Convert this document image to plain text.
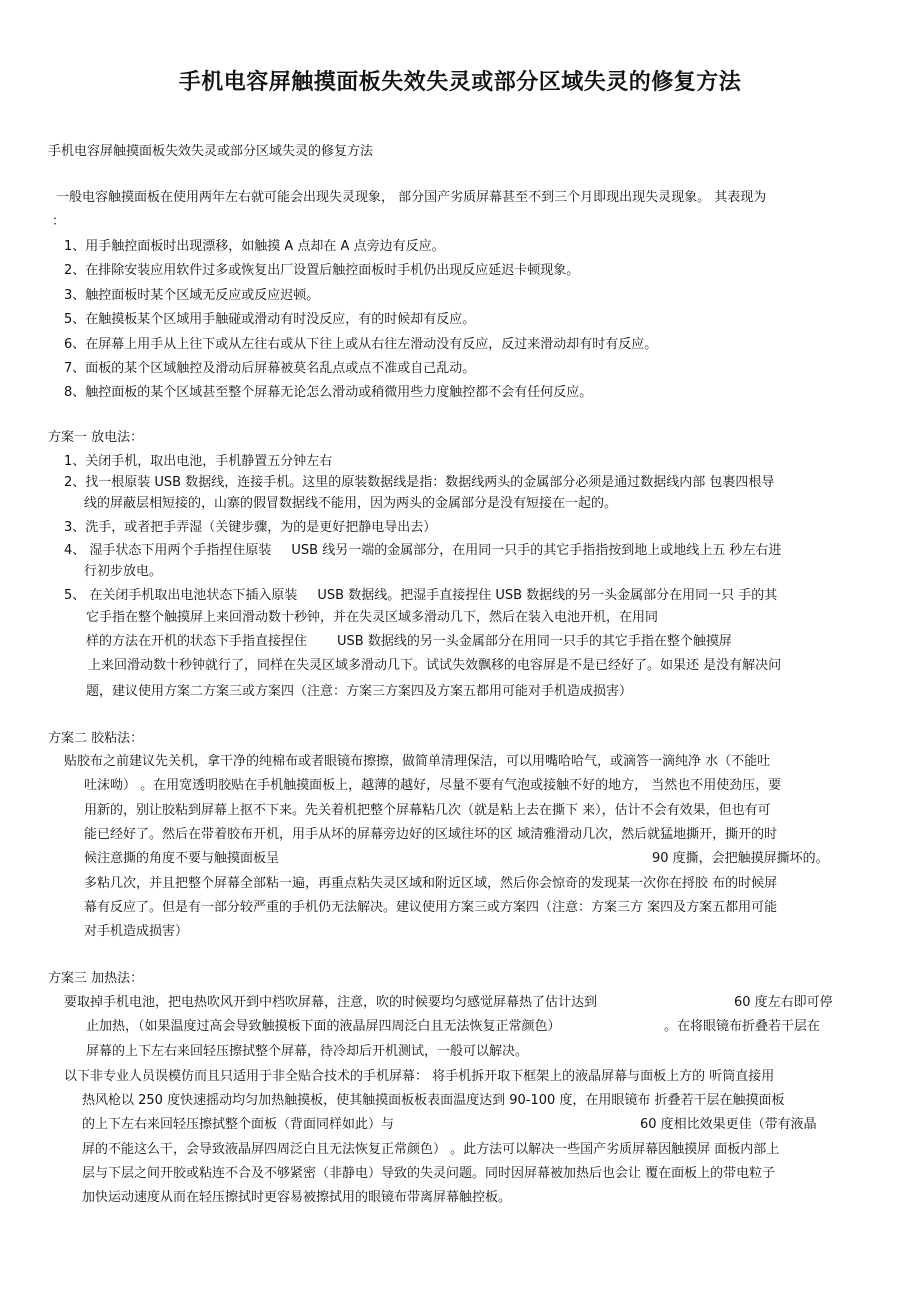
手机电容屏触摸面板失效失灵或部分区域失灵的修复方法
手机电容屏触摸面板失效失灵或部分区域失灵的修复方法
一般电容触摸面板在使用两年左右就可能会出现失灵现象， 部分国产劣质屏幕甚至不到三个月即现出现失灵现象。 其表现为
：
1、用手触控面板时出现漂移，如触摸 A 点却在 A 点旁边有反应。
2、在排除安装应用软件过多或恢复出厂设置后触控面板时手机仍出现反应延迟卡顿现象。
3、触控面板时某个区域无反应或反应迟顿。
5、在触摸板某个区域用手触碰或滑动有时没反应，有的时候却有反应。
6、在屏幕上用手从上往下或从左往右或从下往上或从右往左滑动没有反应，反过来滑动却有时有反应。
7、面板的某个区域触控及滑动后屏幕被莫名乱点或点不准或自己乱动。
8、触控面板的某个区域甚至整个屏幕无论怎么滑动或稍微用些力度触控都不会有任何反应。
方案一 放电法：
1、关闭手机，取出电池，手机静置五分钟左右
2、找一根原装 USB 数据线，连接手机。这里的原装数据线是指：数据线两头的金属部分必须是通过数据线内部 包裹四根导
线的屏蔽层相短接的，山寨的假冒数据线不能用，因为两头的金属部分是没有短接在一起的。
3、洗手，或者把手弄湿（关键步骤，为的是更好把静电导出去）
4、 湿手状态下用两个手指捏住原装 USB 线另一端的金属部分，在用同一只手的其它手指指按到地上或地线上五 秒左右进
行初步放电。
5、 在关闭手机取出电池状态下插入原装 USB 数据线。把湿手直接捏住 USB 数据线的另一头金属部分在用同一只 手的其
它手指在整个触摸屏上来回滑动数十秒钟，并在失灵区域多滑动几下，然后在装入电池开机，在用同
样的方法在开机的状态下手指直接捏住 USB 数据线的另一头金属部分在用同一只手的其它手指在整个触摸屏
上来回滑动数十秒钟就行了，同样在失灵区域多滑动几下。试试失效飘移的电容屏是不是已经好了。如果还 是没有解决问
题，建议使用方案二方案三或方案四（注意：方案三方案四及方案五都用可能对手机造成损害）
方案二 胶粘法：
贴胶布之前建议先关机，拿干净的纯棉布或者眼镜布擦擦，做简单清理保洁，可以用嘴哈哈气，或滴答一滴纯净 水（不能吐
吐沫呦） 。在用宽透明胶贴在手机触摸面板上，越薄的越好，尽量不要有气泡或接触不好的地方， 当然也不用使劲压，要
用新的，别让胶粘到屏幕上抠不下来。先关着机把整个屏幕粘几次（就是粘上去在撕下 来），估计不会有效果，但也有可
能已经好了。然后在带着胶布开机，用手从坏的屏幕旁边好的区域往坏的区 域清雅滑动几次，然后就猛地撕开，撕开的时
候注意撕的角度不要与触摸面板呈	90 度撕，会把触摸屏撕坏的。
多粘几次，并且把整个屏幕全部粘一遍，再重点粘失灵区域和附近区域，然后你会惊奇的发现某一次你在捋胶 布的时候屏
幕有反应了。但是有一部分较严重的手机仍无法解决。建议使用方案三或方案四（注意：方案三方 案四及方案五都用可能
对手机造成损害）
方案三 加热法：
要取掉手机电池，把电热吹风开到中档吹屏幕，注意，吹的时候要均匀感觉屏幕热了估计达到	60 度左右即可停
止加热，（如果温度过高会导致触摸板下面的液晶屏四周泛白且无法恢复正常颜色）	。在将眼镜布折叠若干层在
屏幕的上下左右来回轻压擦拭整个屏幕，待冷却后开机测试，一般可以解决。
以下非专业人员误模仿而且只适用于非全贴合技术的手机屏幕： 将手机拆开取下框架上的液晶屏幕与面板上方的 听筒直接用
热风枪以 250 度快速摇动均匀加热触摸板，使其触摸面板板表面温度达到 90-100 度，在用眼镜布 折叠若干层在触摸面板
的上下左右来回轻压擦拭整个面板（背面同样如此）与	60 度相比效果更佳（带有液晶
屏的不能这么干，会导致液晶屏四周泛白且无法恢复正常颜色） 。此方法可以解决一些国产劣质屏幕因触摸屏 面板内部上
层与下层之间开胶或粘连不合及不够紧密（非静电）导致的失灵问题。同时因屏幕被加热后也会让 覆在面板上的带电粒子
加快运动速度从而在轻压擦拭时更容易被擦拭用的眼镜布带离屏幕触控板。
